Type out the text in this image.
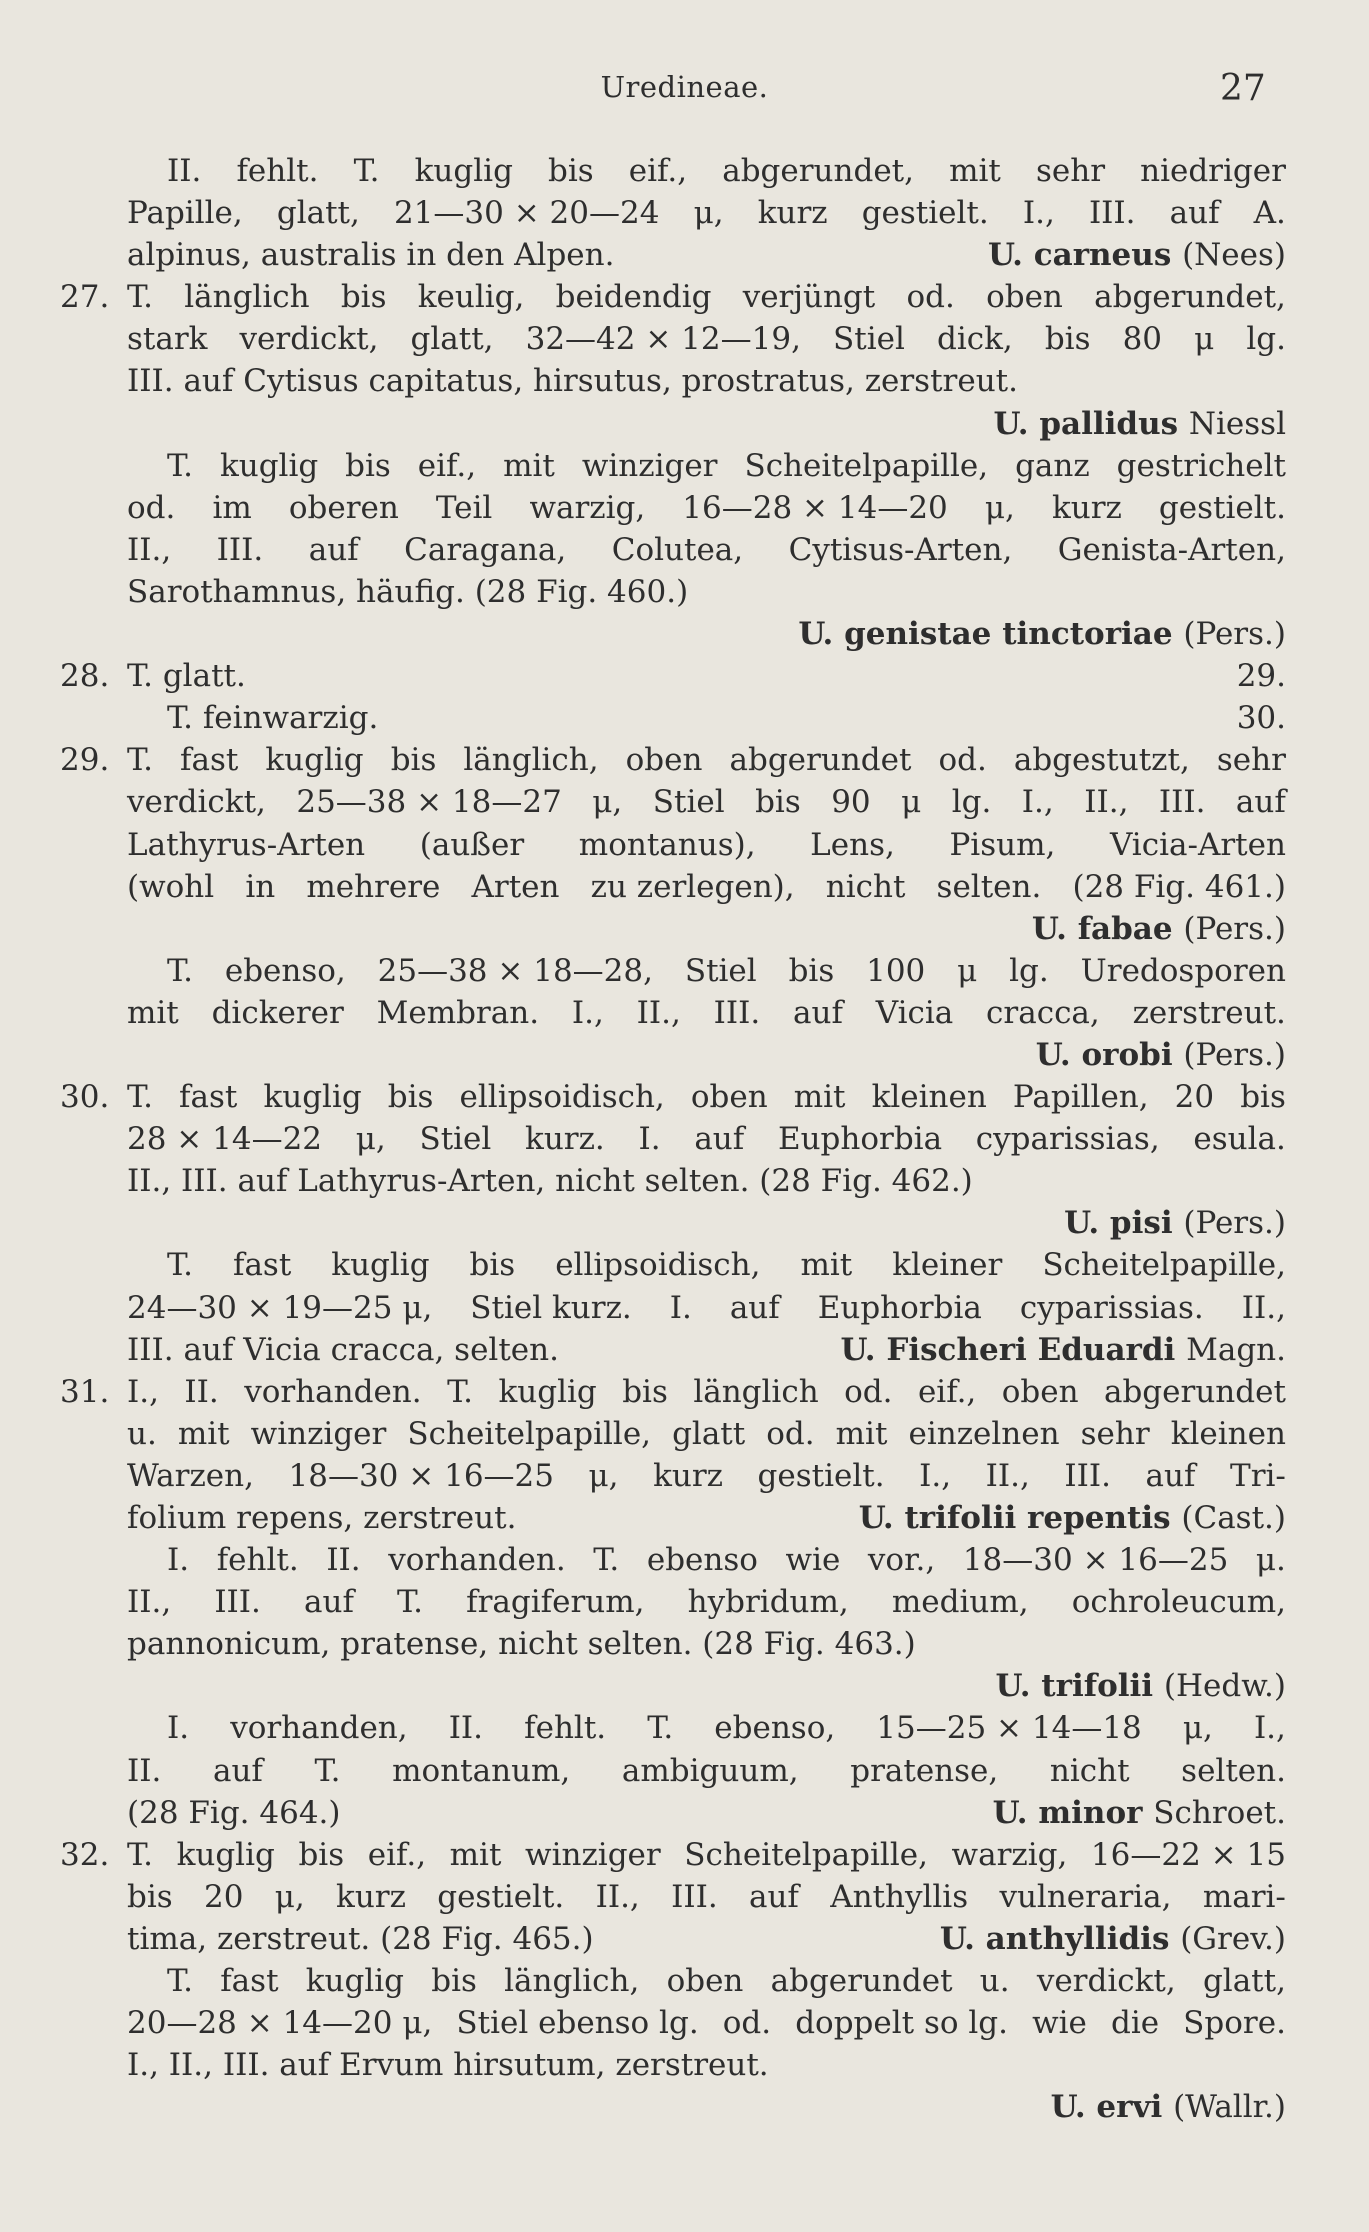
Uredineae.	27
II. fehlt. T. kuglig bis eif., abgerundet, mit sehr niedriger
Papille, glatt, 21—30 × 20—24 μ, kurz gestielt. I., III. auf A.
alpinus, australis in den Alpen.	U. carneus (Nees)
27. T. länglich bis keulig, beidendig verjüngt od. oben abgerundet,
stark verdickt, glatt, 32—42 × 12—19, Stiel dick, bis 80 μ lg.
III. auf Cytisus capitatus, hirsutus, prostratus, zerstreut.
U. pallidus Niessl
T. kuglig bis eif., mit winziger Scheitelpapille, ganz gestrichelt
od. im oberen Teil warzig, 16—28 × 14—20 μ, kurz gestielt.
II., III. auf Caragana, Colutea, Cytisus-Arten, Genista-Arten,
Sarothamnus, häufig. (28 Fig. 460.)
U. genistae tinctoriae (Pers.)
28. T. glatt.	29.
T. feinwarzig.	30.
29. T. fast kuglig bis länglich, oben abgerundet od. abgestutzt, sehr
verdickt, 25—38 × 18—27 μ, Stiel bis 90 μ lg. I., II., III. auf
Lathyrus-Arten (außer montanus), Lens, Pisum, Vicia-Arten
(wohl in mehrere Arten zu zerlegen), nicht selten. (28 Fig. 461.)
U. fabae (Pers.)
T. ebenso, 25—38 × 18—28, Stiel bis 100 μ lg. Uredosporen
mit dickerer Membran. I., II., III. auf Vicia cracca, zerstreut.
U. orobi (Pers.)
30. T. fast kuglig bis ellipsoidisch, oben mit kleinen Papillen, 20 bis
28 × 14—22 μ, Stiel kurz. I. auf Euphorbia cyparissias, esula.
II., III. auf Lathyrus-Arten, nicht selten. (28 Fig. 462.)
U. pisi (Pers.)
T. fast kuglig bis ellipsoidisch, mit kleiner Scheitelpapille,
24—30 × 19—25 μ, Stiel kurz. I. auf Euphorbia cyparissias. II.,
III. auf Vicia cracca, selten.	U. Fischeri Eduardi Magn.
31. I., II. vorhanden. T. kuglig bis länglich od. eif., oben abgerundet
u. mit winziger Scheitelpapille, glatt od. mit einzelnen sehr kleinen
Warzen, 18—30 × 16—25 μ, kurz gestielt. I., II., III. auf Tri-
folium repens, zerstreut.	U. trifolii repentis (Cast.)
I. fehlt. II. vorhanden. T. ebenso wie vor., 18—30 × 16—25 μ.
II., III. auf T. fragiferum, hybridum, medium, ochroleucum,
pannonicum, pratense, nicht selten. (28 Fig. 463.)
U. trifolii (Hedw.)
I. vorhanden, II. fehlt. T. ebenso, 15—25 × 14—18 μ, I.,
II. auf T. montanum, ambiguum, pratense, nicht selten.
(28 Fig. 464.)	U. minor Schroet.
32. T. kuglig bis eif., mit winziger Scheitelpapille, warzig, 16—22 × 15
bis 20 μ, kurz gestielt. II., III. auf Anthyllis vulneraria, mari-
tima, zerstreut. (28 Fig. 465.)	U. anthyllidis (Grev.)
T. fast kuglig bis länglich, oben abgerundet u. verdickt, glatt,
20—28 × 14—20 μ, Stiel ebenso lg. od. doppelt so lg. wie die Spore.
I., II., III. auf Ervum hirsutum, zerstreut.
U. ervi (Wallr.)
